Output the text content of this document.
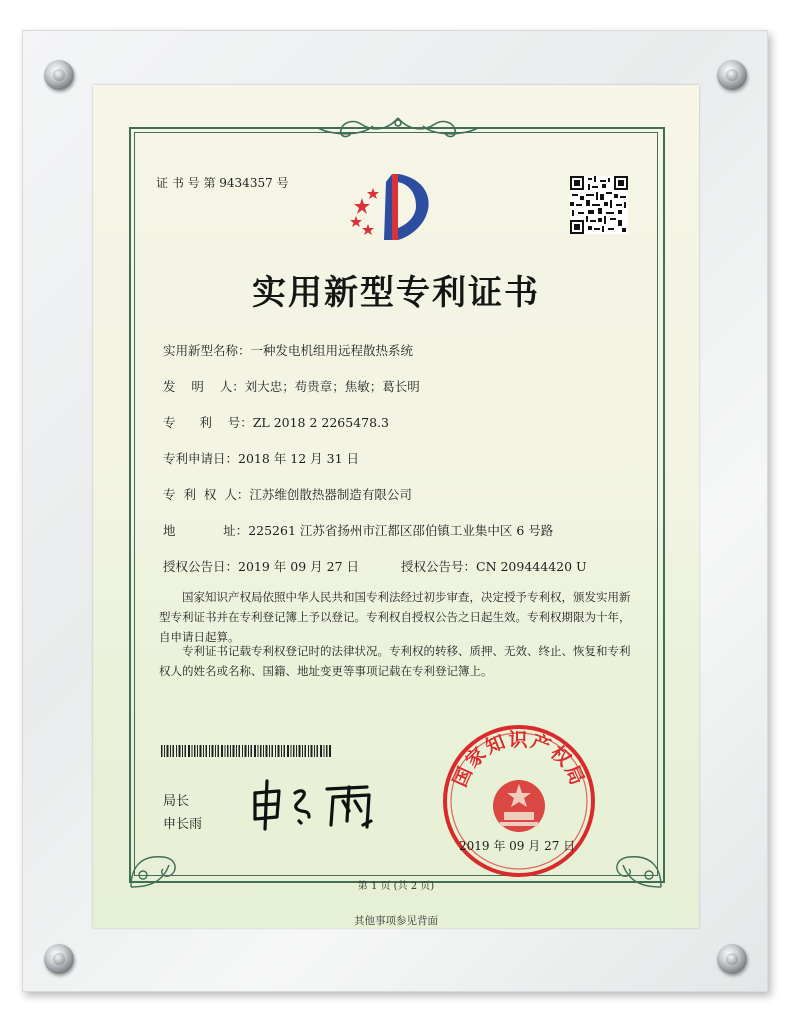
证 书 号 第 9434357 号
实用新型专利证书
实用新型名称：一种发电机组用远程散热系统
发    明    人：刘大忠；苟贵章；焦敏；葛长明
专      利    号：ZL 2018 2 2265478.3
专利申请日：2018 年 12 月 31 日
专  利  权  人：江苏维创散热器制造有限公司
地            址：225261 江苏省扬州市江都区邵伯镇工业集中区 6 号路
授权公告日：2019 年 09 月 27 日	授权公告号：CN 209444420 U
国家知识产权局依照中华人民共和国专利法经过初步审查，决定授予专利权，颁发实用新型专利证书并在专利登记簿上予以登记。专利权自授权公告之日起生效。专利权期限为十年，自申请日起算。
专利证书记载专利权登记时的法律状况。专利权的转移、质押、无效、终止、恢复和专利权人的姓名或名称、国籍、地址变更等事项记载在专利登记簿上。
局长
申长雨
国家知识产权局
2019 年 09 月 27 日
第 1 页 (共 2 页)
其他事项参见背面
